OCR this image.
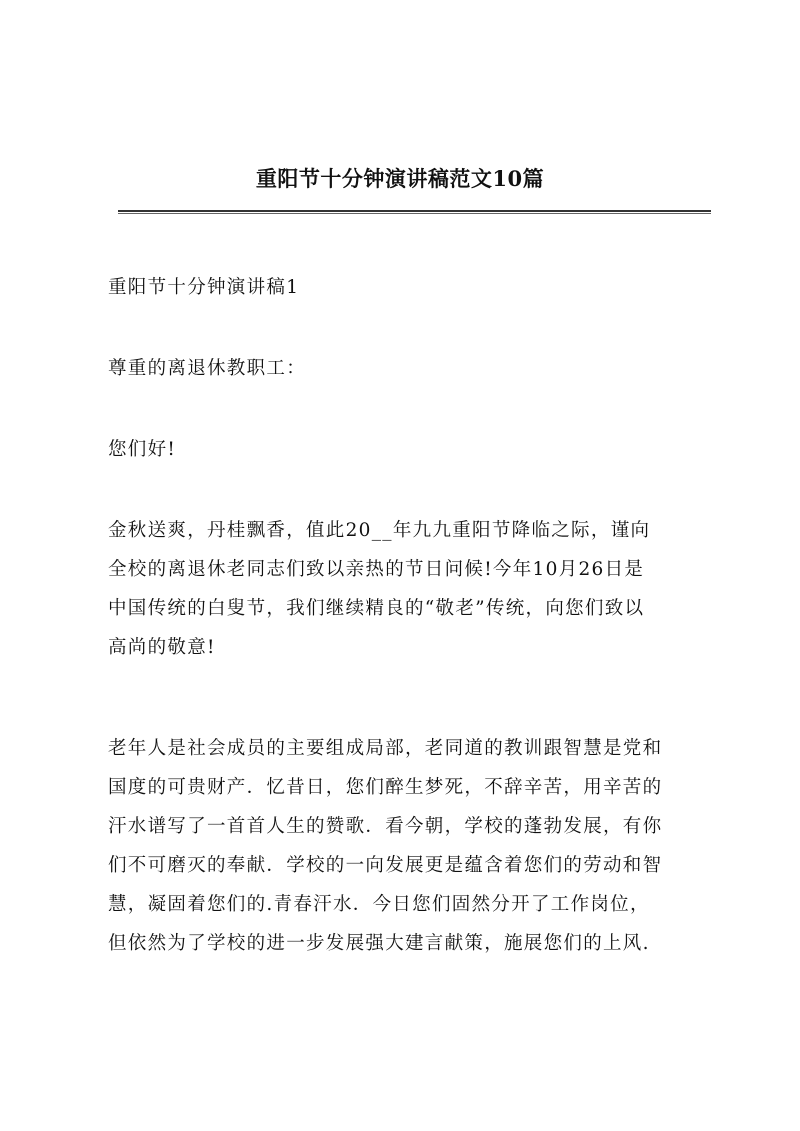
重阳节十分钟演讲稿范文10篇

重阳节十分钟演讲稿1

尊重的离退休教职工：

您们好!

金秋送爽，丹桂飘香，值此20__年九九重阳节降临之际，谨向
全校的离退休老同志们致以亲热的节日问候!今年10月26日是
中国传统的白叟节，我们继续精良的“敬老”传统，向您们致以
高尚的敬意!

老年人是社会成员的主要组成局部，老同道的教训跟智慧是党和
国度的可贵财产．忆昔日，您们醉生梦死，不辞辛苦，用辛苦的
汗水谱写了一首首人生的赞歌．看今朝，学校的蓬勃发展，有你
们不可磨灭的奉献．学校的一向发展更是蕴含着您们的劳动和智
慧，凝固着您们的.青春汗水．今日您们固然分开了工作岗位，
但依然为了学校的进一步发展强大建言献策，施展您们的上风.
